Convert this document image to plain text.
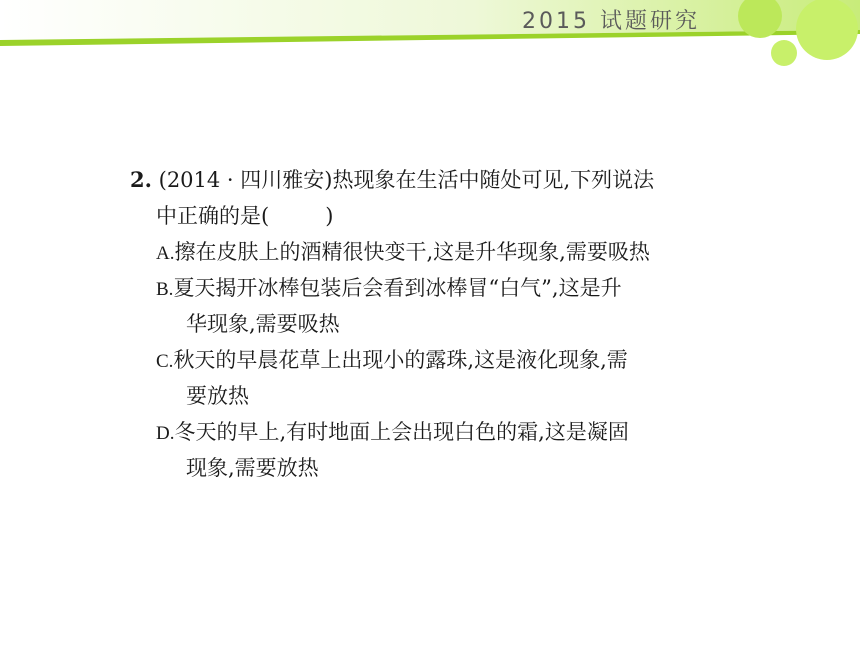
2015 试题研究
2. (2014 · 四川雅安)热现象在生活中随处可见,下列说法
中正确的是(	)
A.擦在皮肤上的酒精很快变干,这是升华现象,需要吸热
B.夏天揭开冰棒包装后会看到冰棒冒“白气”,这是升
华现象,需要吸热
C.秋天的早晨花草上出现小的露珠,这是液化现象,需
要放热
D.冬天的早上,有时地面上会出现白色的霜,这是凝固
现象,需要放热
